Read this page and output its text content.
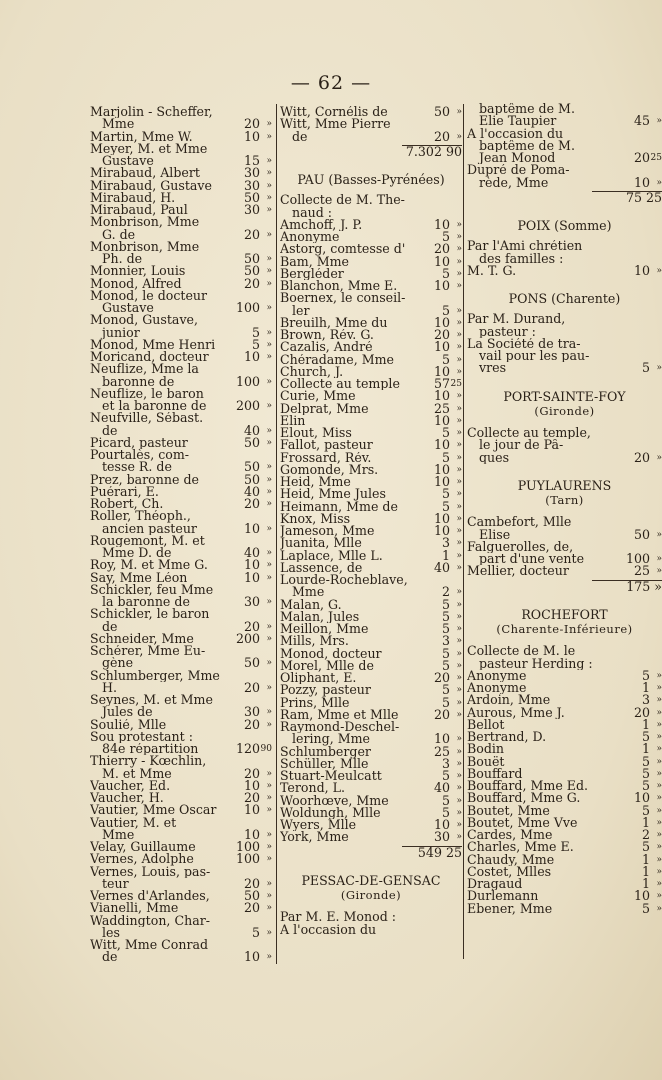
— 62 —
Marjolin - Scheffer,
Mme	20 »
Martin, Mme W.	10 »
Meyer, M. et Mme
Gustave	15 »
Mirabaud, Albert	30 »
Mirabaud, Gustave	30 »
Mirabaud, H.	50 »
Mirabaud, Paul	30 »
Monbrison, Mme
G. de	20 »
Monbrison, Mme
Ph. de	50 »
Monnier, Louis	50 »
Monod, Alfred	20 »
Monod, le docteur
Gustave	100 »
Monod, Gustave,
junior	5 »
Monod, Mme Henri	5 »
Moricand, docteur	10 »
Neuflize, Mme la
baronne de	100 »
Neuflize, le baron
et la baronne de	200 »
Neufville, Sébast.
de	40 »
Picard, pasteur	50 »
Pourtalès, com-
tesse R. de	50 »
Prez, baronne de	50 »
Puérari, E.	40 »
Robert, Ch.	20 »
Roller, Théoph.,
ancien pasteur	10 »
Rougemont, M. et
Mme D. de	40 »
Roy, M. et Mme G.	10 »
Say, Mme Léon	10 »
Schickler, feu Mme
la baronne de	30 »
Schickler, le baron
de	20 »
Schneider, Mme	200 »
Schérer, Mme Eu-
gène	50 »
Schlumberger, Mme
H.	20 »
Seynes, M. et Mme
Jules de	30 »
Soulié, Mlle	20 »
Sou protestant :
84e répartition	120 90
Thierry - Kœchlin,
M. et Mme	20 »
Vaucher, Ed.	10 »
Vaucher, H.	20 »
Vautier, Mme Oscar	10 »
Vautier, M. et
Mme	10 »
Velay, Guillaume	100 »
Vernes, Adolphe	100 »
Vernes, Louis, pas-
teur	20 »
Vernes d'Arlandes,	50 »
Vianelli, Mme	20 »
Waddington, Char-
les	5 »
Witt, Mme Conrad
de	10 »
Witt, Cornélis de	50 »
Witt, Mme Pierre
de	20 »
7.302 90
PAU (Basses-Pyrénées)
Collecte de M. The-
naud :
Amchoff, J. P.	10 »
Anonyme	5 »
Astorg, comtesse d'	20 »
Bam, Mme	10 »
Bergléder	5 »
Blanchon, Mme E.	10 »
Boernex, le conseil-
ler	5 »
Breuilh, Mme du	10 »
Brown, Rév. G.	20 »
Cazalis, André	10 »
Chéradame, Mme	5 »
Church, J.	10 »
Collecte au temple	57 25
Curie, Mme	10 »
Delprat, Mme	25 »
Elin	10 »
Elout, Miss	5 »
Fallot, pasteur	10 »
Frossard, Rév.	5 »
Gomonde, Mrs.	10 »
Heid, Mme	10 »
Heid, Mme Jules	5 »
Heimann, Mme de	5 »
Knox, Miss	10 »
Jameson, Mme	10 »
Juanita, Mlle	3 »
Laplace, Mlle L.	1 »
Lassence, de	40 »
Lourde-Rocheblave,
Mme	2 »
Malan, G.	5 »
Malan, Jules	5 »
Meillon, Mme	5 »
Mills, Mrs.	3 »
Monod, docteur	5 »
Morel, Mlle de	5 »
Oliphant, E.	20 »
Pozzy, pasteur	5 »
Prins, Mlle	5 »
Ram, Mme et Mlle	20 »
Raymond-Deschel-
lering, Mme	10 »
Schlumberger	25 »
Schüller, Mlle	3 »
Stuart-Meulcatt	5 »
Terond, L.	40 »
Woorhœve, Mme	5 »
Woldungh, Mlle	5 »
Wyers, Mlle	10 »
York, Mme	30 »
549 25
PESSAC-DE-GENSAC
(Gironde)
Par M. E. Monod :
A l'occasion du
baptême de M.
Elie Taupier	45 »
A l'occasion du
baptême de M.
Jean Monod	20 25
Dupré de Poma-
rède, Mme	10 »
75 25
POIX (Somme)
Par l'Ami chrétien
des familles :
M. T. G.	10 »
PONS (Charente)
Par M. Durand,
pasteur :
La Société de tra-
vail pour les pau-
vres	5 »
PORT-SAINTE-FOY
(Gironde)
Collecte au temple,
le jour de Pâ-
ques	20 »
PUYLAURENS
(Tarn)
Cambefort, Mlle
Elise	50 »
Falguerolles, de,
part d'une vente	100 »
Mellier, docteur	25 »
175 »
ROCHEFORT
(Charente-Inférieure)
Collecte de M. le
pasteur Herding :
Anonyme	5 »
Anonyme	1 »
Ardoin, Mme	3 »
Aurous, Mme J.	20 »
Bellot	1 »
Bertrand, D.	5 »
Bodin	1 »
Bouët	5 »
Bouffard	5 »
Bouffard, Mme Ed.	5 »
Bouffard, Mme G.	10 »
Boutet, Mme	5 »
Boutet, Mme Vve	1 »
Cardes, Mme	2 »
Charles, Mme E.	5 »
Chaudy, Mme	1 »
Costet, Mlles	1 »
Dragaud	1 »
Durlemann	10 »
Ebener, Mme	5 »
